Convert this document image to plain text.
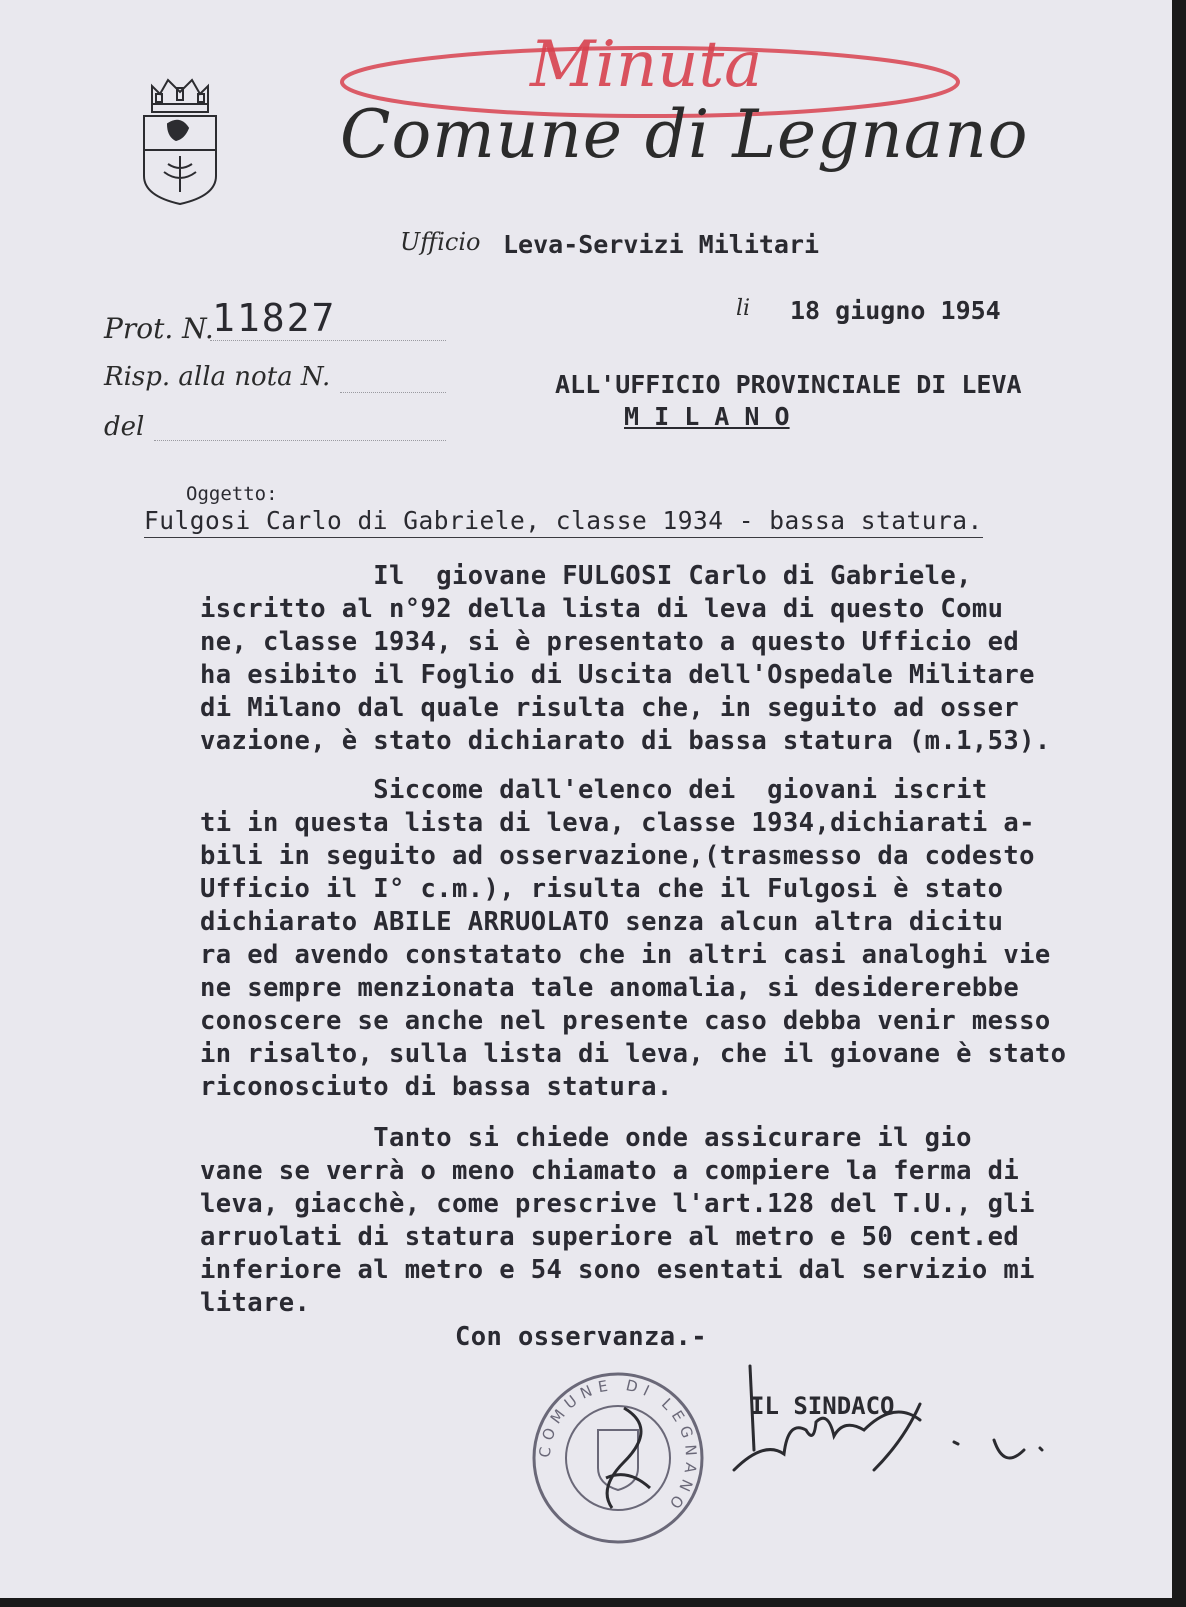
Minuta
Comune di Legnano
Ufficio Leva-Servizi Militari
Prot. N.
11827
Risp. alla nota N.
del
li 18 giugno 1954
ALL'UFFICIO PROVINCIALE DI LEVA
M I L A N O
Oggetto:
Fulgosi Carlo di Gabriele, classe 1934 - bassa statura.
Il  giovane FULGOSI Carlo di Gabriele,
iscritto al n°92 della lista di leva di questo Comu
ne, classe 1934, si è presentato a questo Ufficio ed
ha esibito il Foglio di Uscita dell'Ospedale Militare
di Milano dal quale risulta che, in seguito ad osser
vazione, è stato dichiarato di bassa statura (m.1,53).
Siccome dall'elenco dei  giovani iscrit
ti in questa lista di leva, classe 1934,dichiarati a-
bili in seguito ad osservazione,(trasmesso da codesto
Ufficio il I° c.m.), risulta che il Fulgosi è stato
dichiarato ABILE ARRUOLATO senza alcun altra dicitu
ra ed avendo constatato che in altri casi analoghi vie
ne sempre menzionata tale anomalia, si desidererebbe
conoscere se anche nel presente caso debba venir messo
in risalto, sulla lista di leva, che il giovane è stato
riconosciuto di bassa statura.
Tanto si chiede onde assicurare il gio
vane se verrà o meno chiamato a compiere la ferma di
leva, giacchè, come prescrive l'art.128 del T.U., gli
arruolati di statura superiore al metro e 50 cent.ed
inferiore al metro e 54 sono esentati dal servizio mi
litare.
Con osservanza.-
COMUNE DI LEGNANO
IL SINDACO
